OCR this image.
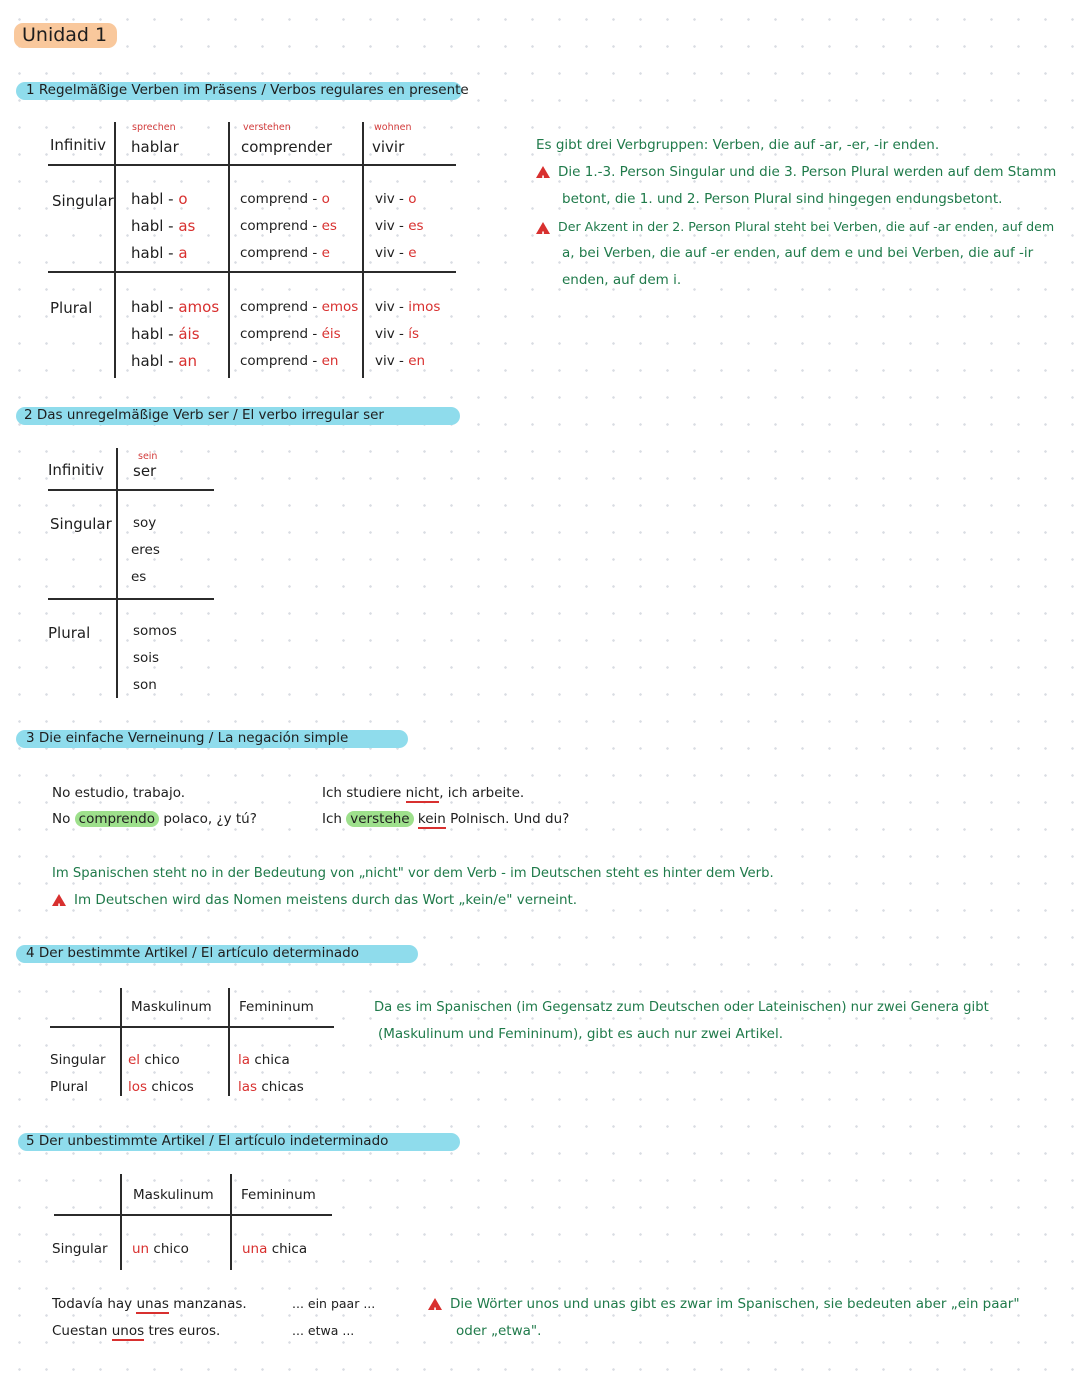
Unidad 1
1 Regelmäßige Verben im Präsens / Verbos regulares en presente
Infinitiv
Singular
Plural
sprechen
hablar
habl - o
habl - as
habl - a
habl - amos
habl - áis
habl - an
verstehen
comprender
comprend - o
comprend - es
comprend - e
comprend - emos
comprend - éis
comprend - en
wohnen
vivir
viv - o
viv - es
viv - e
viv - imos
viv - ís
viv - en
Es gibt drei Verbgruppen: Verben, die auf -ar, -er, -ir enden.
!Die 1.-3. Person Singular und die 3. Person Plural werden auf dem Stamm
betont, die 1. und 2. Person Plural sind hingegen endungsbetont.
!Der Akzent in der 2. Person Plural steht bei Verben, die auf -ar enden, auf dem
a, bei Verben, die auf -er enden, auf dem e und bei Verben, die auf -ir
enden, auf dem i.
2 Das unregelmäßige Verb ser / El verbo irregular ser
Infinitiv
Singular
Plural
sein
ser
soy
eres
es
somos
sois
son
3 Die einfache Verneinung / La negación simple
No estudio, trabajo.
No comprendo polaco, ¿y tú?
Ich studiere nicht, ich arbeite.
Ich verstehe kein Polnisch. Und du?
Im Spanischen steht no in der Bedeutung von „nicht" vor dem Verb - im Deutschen steht es hinter dem Verb.
!Im Deutschen wird das Nomen meistens durch das Wort „kein/e" verneint.
4 Der bestimmte Artikel / El artículo determinado
Maskulinum Femininum
Singular
Plural
el chico
los chicos
la chica
las chicas
Da es im Spanischen (im Gegensatz zum Deutschen oder Lateinischen) nur zwei Genera gibt
(Maskulinum und Femininum), gibt es auch nur zwei Artikel.
5 Der unbestimmte Artikel / El artículo indeterminado
Maskulinum Femininum
Singular un chico	una chica
Todavía hay unas manzanas.
Cuestan unos tres euros.
... ein paar ...
... etwa ...
!Die Wörter unos und unas gibt es zwar im Spanischen, sie bedeuten aber „ein paar"
oder „etwa".
